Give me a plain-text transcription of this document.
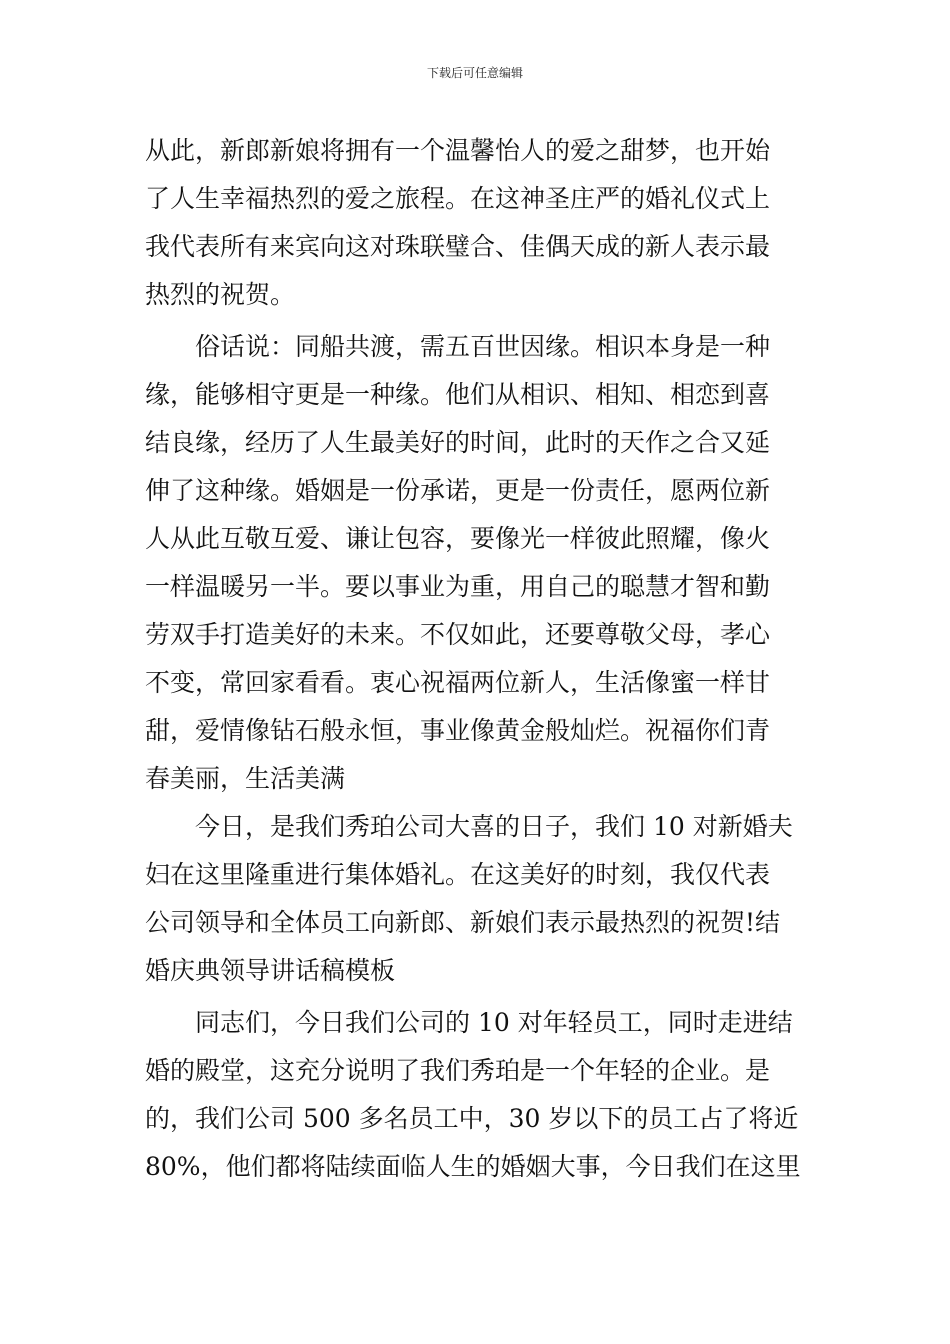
下载后可任意编辑
从此，新郎新娘将拥有一个温馨怡人的爱之甜梦，也开始
了人生幸福热烈的爱之旅程。在这神圣庄严的婚礼仪式上
我代表所有来宾向这对珠联璧合、佳偶天成的新人表示最
热烈的祝贺。
　　俗话说：同船共渡，需五百世因缘。相识本身是一种
缘，能够相守更是一种缘。他们从相识、相知、相恋到喜
结良缘，经历了人生最美好的时间，此时的天作之合又延
伸了这种缘。婚姻是一份承诺，更是一份责任，愿两位新
人从此互敬互爱、谦让包容，要像光一样彼此照耀，像火
一样温暖另一半。要以事业为重，用自己的聪慧才智和勤
劳双手打造美好的未来。不仅如此，还要尊敬父母，孝心
不变，常回家看看。衷心祝福两位新人，生活像蜜一样甘
甜，爱情像钻石般永恒，事业像黄金般灿烂。祝福你们青
春美丽，生活美满
　　今日，是我们秀珀公司大喜的日子，我们 10 对新婚夫
妇在这里隆重进行集体婚礼。在这美好的时刻，我仅代表
公司领导和全体员工向新郎、新娘们表示最热烈的祝贺!结
婚庆典领导讲话稿模板
　　同志们，今日我们公司的 10 对年轻员工，同时走进结
婚的殿堂，这充分说明了我们秀珀是一个年轻的企业。是
的，我们公司 500 多名员工中，30 岁以下的员工占了将近
80%，他们都将陆续面临人生的婚姻大事，今日我们在这里
